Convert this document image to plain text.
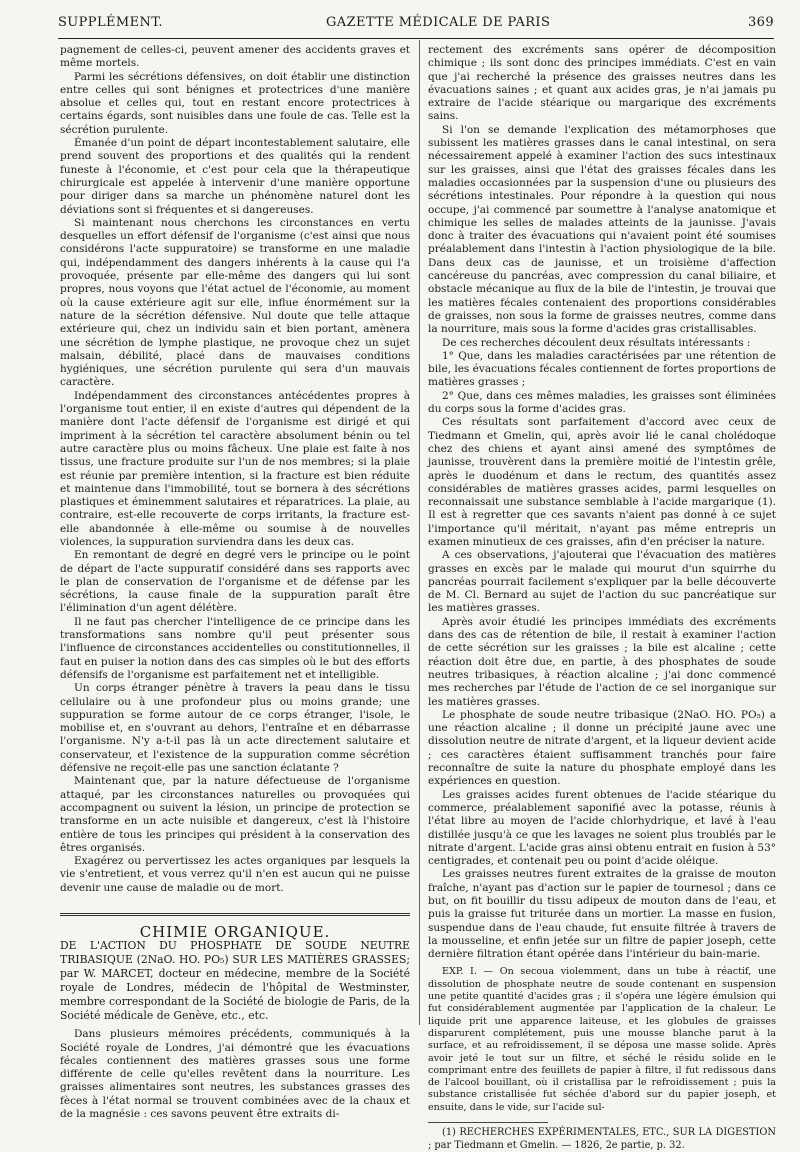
SUPPLÉMENT.	GAZETTE MÉDICALE DE PARIS	369

pagnement de celles-ci, peuvent amener des accidents graves et même mortels.

Parmi les sécrétions défensives, on doit établir une distinction entre celles qui sont bénignes et protectrices d'une manière absolue et celles qui, tout en restant encore protectrices à certains égards, sont nuisibles dans une foule de cas. Telle est la sécrétion purulente.

Émanée d'un point de départ incontestablement salutaire, elle prend souvent des proportions et des qualités qui la rendent funeste à l'économie, et c'est pour cela que la thérapeutique chirurgicale est appelée à intervenir d'une manière opportune pour diriger dans sa marche un phénomène naturel dont les déviations sont si fréquentes et si dangereuses.

Si maintenant nous cherchons les circonstances en vertu desquelles un effort défensif de l'organisme (c'est ainsi que nous considérons l'acte suppuratoire) se transforme en une maladie qui, indépendamment des dangers inhérents à la cause qui l'a provoquée, présente par elle-même des dangers qui lui sont propres, nous voyons que l'état actuel de l'économie, au moment où la cause extérieure agit sur elle, influe énormément sur la nature de la sécrétion défensive. Nul doute que telle attaque extérieure qui, chez un individu sain et bien portant, amènera une sécrétion de lymphe plastique, ne provoque chez un sujet malsain, débilité, placé dans de mauvaises conditions hygiéniques, une sécrétion purulente qui sera d'un mauvais caractère.

Indépendamment des circonstances antécédentes propres à l'organisme tout entier, il en existe d'autres qui dépendent de la manière dont l'acte défensif de l'organisme est dirigé et qui impriment à la sécrétion tel caractère absolument bénin ou tel autre caractère plus ou moins fâcheux. Une plaie est faite à nos tissus, une fracture produite sur l'un de nos membres; si la plaie est réunie par première intention, si la fracture est bien réduite et maintenue dans l'immobilité, tout se bornera à des sécrétions plastiques et éminemment salutaires et réparatrices. La plaie, au contraire, est-elle recouverte de corps irritants, la fracture est-elle abandonnée à elle-même ou soumise à de nouvelles violences, la suppuration surviendra dans les deux cas.

En remontant de degré en degré vers le principe ou le point de départ de l'acte suppuratif considéré dans ses rapports avec le plan de conservation de l'organisme et de défense par les sécrétions, la cause finale de la suppuration paraît être l'élimination d'un agent délétère.

Il ne faut pas chercher l'intelligence de ce principe dans les transformations sans nombre qu'il peut présenter sous l'influence de circonstances accidentelles ou constitutionnelles, il faut en puiser la notion dans des cas simples où le but des efforts défensifs de l'organisme est parfaitement net et intelligible.

Un corps étranger pénètre à travers la peau dans le tissu cellulaire ou à une profondeur plus ou moins grande; une suppuration se forme autour de ce corps étranger, l'isole, le mobilise et, en s'ouvrant au dehors, l'entraîne et en débarrasse l'organisme. N'y a-t-il pas là un acte directement salutaire et conservateur, et l'existence de la suppuration comme sécrétion défensive ne reçoit-elle pas une sanction éclatante ?

Maintenant que, par la nature défectueuse de l'organisme attaqué, par les circonstances naturelles ou provoquées qui accompagnent ou suivent la lésion, un principe de protection se transforme en un acte nuisible et dangereux, c'est là l'histoire entière de tous les principes qui président à la conservation des êtres organisés.

Exagérez ou pervertissez les actes organiques par lesquels la vie s'entretient, et vous verrez qu'il n'en est aucun qui ne puisse devenir une cause de maladie ou de mort.

CHIMIE ORGANIQUE.

DE L'ACTION DU PHOSPHATE DE SOUDE NEUTRE TRIBASIQUE (2NaO. HO. PO₅) SUR LES MATIÈRES GRASSES; par W. MARCET, docteur en médecine, membre de la Société royale de Londres, médecin de l'hôpital de Westminster, membre correspondant de la Société de biologie de Paris, de la Société médicale de Genève, etc., etc.

Dans plusieurs mémoires précédents, communiqués à la Société royale de Londres, j'ai démontré que les évacuations fécales contiennent des matières grasses sous une forme différente de celle qu'elles revêtent dans la nourriture. Les graisses alimentaires sont neutres, les substances grasses des fèces à l'état normal se trouvent combinées avec de la chaux et de la magnésie : ces savons peuvent être extraits di-

rectement des excréments sans opérer de décomposition chimique ; ils sont donc des principes immédiats. C'est en vain que j'ai recherché la présence des graisses neutres dans les évacuations saines ; et quant aux acides gras, je n'ai jamais pu extraire de l'acide stéarique ou margarique des excréments sains.

Si l'on se demande l'explication des métamorphoses que subissent les matières grasses dans le canal intestinal, on sera nécessairement appelé à examiner l'action des sucs intestinaux sur les graisses, ainsi que l'état des graisses fécales dans les maladies occasionnées par la suspension d'une ou plusieurs des sécrétions intestinales. Pour répondre à la question qui nous occupe, j'ai commencé par soumettre à l'analyse anatomique et chimique les selles de malades atteints de la jaunisse. J'avais donc à traiter des évacuations qui n'avaient point été soumises préalablement dans l'intestin à l'action physiologique de la bile. Dans deux cas de jaunisse, et un troisième d'affection cancéreuse du pancréas, avec compression du canal biliaire, et obstacle mécanique au flux de la bile de l'intestin, je trouvai que les matières fécales contenaient des proportions considérables de graisses, non sous la forme de graisses neutres, comme dans la nourriture, mais sous la forme d'acides gras cristallisables.

De ces recherches découlent deux résultats intéressants :

1° Que, dans les maladies caractérisées par une rétention de bile, les évacuations fécales contiennent de fortes proportions de matières grasses ;

2° Que, dans ces mêmes maladies, les graisses sont éliminées du corps sous la forme d'acides gras.

Ces résultats sont parfaitement d'accord avec ceux de Tiedmann et Gmelin, qui, après avoir lié le canal cholédoque chez des chiens et ayant ainsi amené des symptômes de jaunisse, trouvèrent dans la première moitié de l'intestin grêle, après le duodénum et dans le rectum, des quantités assez considérables de matières grasses acides, parmi lesquelles on reconnaissait une substance semblable à l'acide margarique (1). Il est à regretter que ces savants n'aient pas donné à ce sujet l'importance qu'il méritait, n'ayant pas même entrepris un examen minutieux de ces graisses, afin d'en préciser la nature.

A ces observations, j'ajouterai que l'évacuation des matières grasses en excès par le malade qui mourut d'un squirrhe du pancréas pourrait facilement s'expliquer par la belle découverte de M. Cl. Bernard au sujet de l'action du suc pancréatique sur les matières grasses.

Après avoir étudié les principes immédiats des excréments dans des cas de rétention de bile, il restait à examiner l'action de cette sécrétion sur les graisses ; la bile est alcaline ; cette réaction doit être due, en partie, à des phosphates de soude neutres tribasiques, à réaction alcaline ; j'ai donc commencé mes recherches par l'étude de l'action de ce sel inorganique sur les matières grasses.

Le phosphate de soude neutre tribasique (2NaO. HO. PO₅) a une réaction alcaline ; il donne un précipité jaune avec une dissolution neutre de nitrate d'argent, et la liqueur devient acide ; ces caractères étaient suffisamment tranchés pour faire reconnaître de suite la nature du phosphate employé dans les expériences en question.

Les graisses acides furent obtenues de l'acide stéarique du commerce, préalablement saponifié avec la potasse, réunis à l'état libre au moyen de l'acide chlorhydrique, et lavé à l'eau distillée jusqu'à ce que les lavages ne soient plus troublés par le nitrate d'argent. L'acide gras ainsi obtenu entrait en fusion à 53° centigrades, et contenait peu ou point d'acide oléique.

Les graisses neutres furent extraites de la graisse de mouton fraîche, n'ayant pas d'action sur le papier de tournesol ; dans ce but, on fit bouillir du tissu adipeux de mouton dans de l'eau, et puis la graisse fut triturée dans un mortier. La masse en fusion, suspendue dans de l'eau chaude, fut ensuite filtrée à travers de la mousseline, et enfin jetée sur un filtre de papier joseph, cette dernière filtration étant opérée dans l'intérieur du bain-marie.

EXP. I. — On secoua violemment, dans un tube à réactif, une dissolution de phosphate neutre de soude contenant en suspension une petite quantité d'acides gras ; il s'opéra une légère émulsion qui fut considérablement augmentée par l'application de la chaleur. Le liquide prit une apparence laiteuse, et les globules de graisses disparurent complétement, puis une mousse blanche parut à la surface, et au refroidissement, il se déposa une masse solide. Après avoir jeté le tout sur un filtre, et séché le résidu solide en le comprimant entre des feuillets de papier à filtre, il fut redissous dans de l'alcool bouillant, où il cristallisa par le refroidissement ; puis la substance cristallisée fut séchée d'abord sur du papier joseph, et ensuite, dans le vide, sur l'acide sul-

(1) RECHERCHES EXPÉRIMENTALES, ETC., SUR LA DIGESTION ; par Tiedmann et Gmelin. — 1826, 2e partie, p. 32.
